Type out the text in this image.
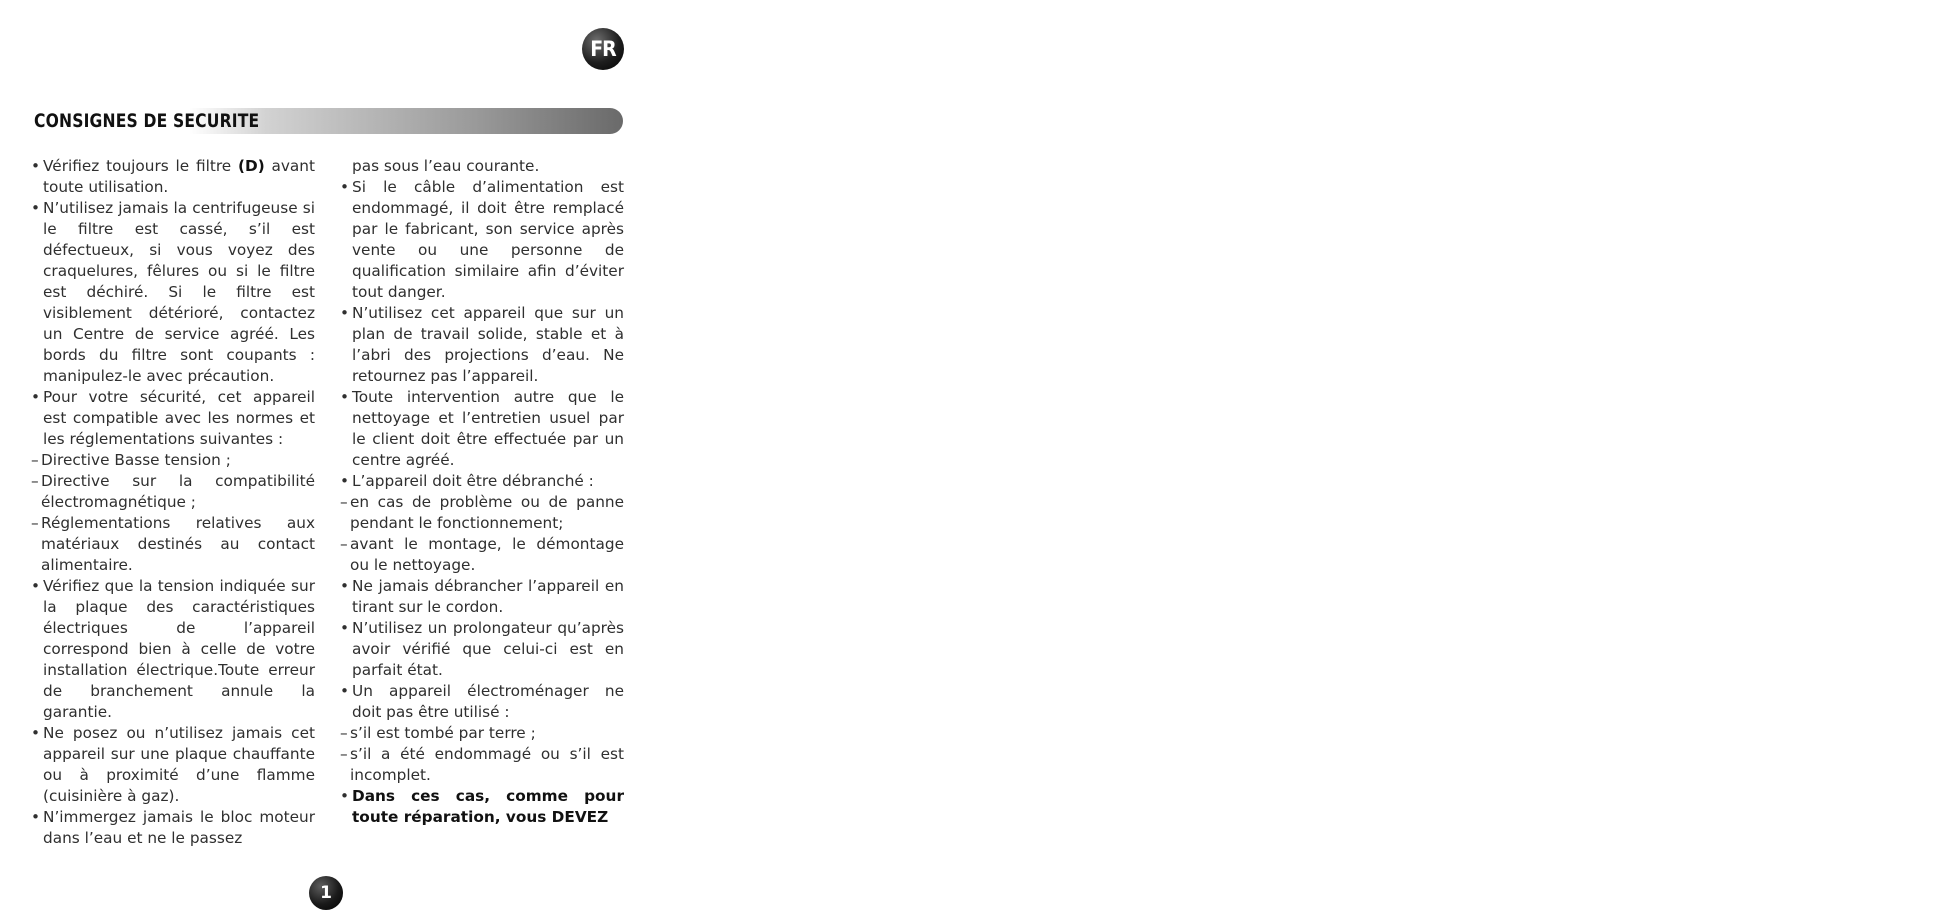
FR
CONSIGNES DE SECURITE
• Vérifiez toujours le filtre (D) avant toute utilisation.
• N’utilisez jamais la centrifugeuse si le filtre est cassé, s’il est défectueux, si vous voyez des craquelures, fêlures ou si le filtre est déchiré. Si le filtre est visiblement détérioré, contactez un Centre de service agréé. Les bords du filtre sont coupants : manipulez-le avec précaution.
• Pour votre sécurité, cet appareil est compatible avec les normes et les réglementations suivantes :
– Directive Basse tension ;
– Directive sur la compatibilité électromagnétique ;
– Réglementations relatives aux matériaux destinés au contact alimentaire.
• Vérifiez que la tension indiquée sur la plaque des caractéristiques électriques de l’appareil correspond bien à celle de votre installation électrique.Toute erreur de branchement annule la garantie.
• Ne posez ou n’utilisez jamais cet appareil sur une plaque chauffante ou à proximité d’une flamme (cuisinière à gaz).
• N’immergez jamais le bloc moteur dans l’eau et ne le passez
pas sous l’eau courante.
• Si le câble d’alimentation est endommagé, il doit être remplacé par le fabricant, son service après vente ou une personne de qualification similaire afin d’éviter tout danger.
• N’utilisez cet appareil que sur un plan de travail solide, stable et à l’abri des projections d’eau. Ne retournez pas l’appareil.
• Toute intervention autre que le nettoyage et l’entretien usuel par le client doit être effectuée par un centre agréé.
• L’appareil doit être débranché :
– en cas de problème ou de panne pendant le fonctionnement;
– avant le montage, le démontage ou le nettoyage.
• Ne jamais débrancher l’appareil en tirant sur le cordon.
• N’utilisez un prolongateur qu’après avoir vérifié que celui-ci est en parfait état.
• Un appareil électroménager ne doit pas être utilisé :
– s’il est tombé par terre ;
– s’il a été endommagé ou s’il est incomplet.
• Dans ces cas, comme pour toute réparation, vous DEVEZ
1
